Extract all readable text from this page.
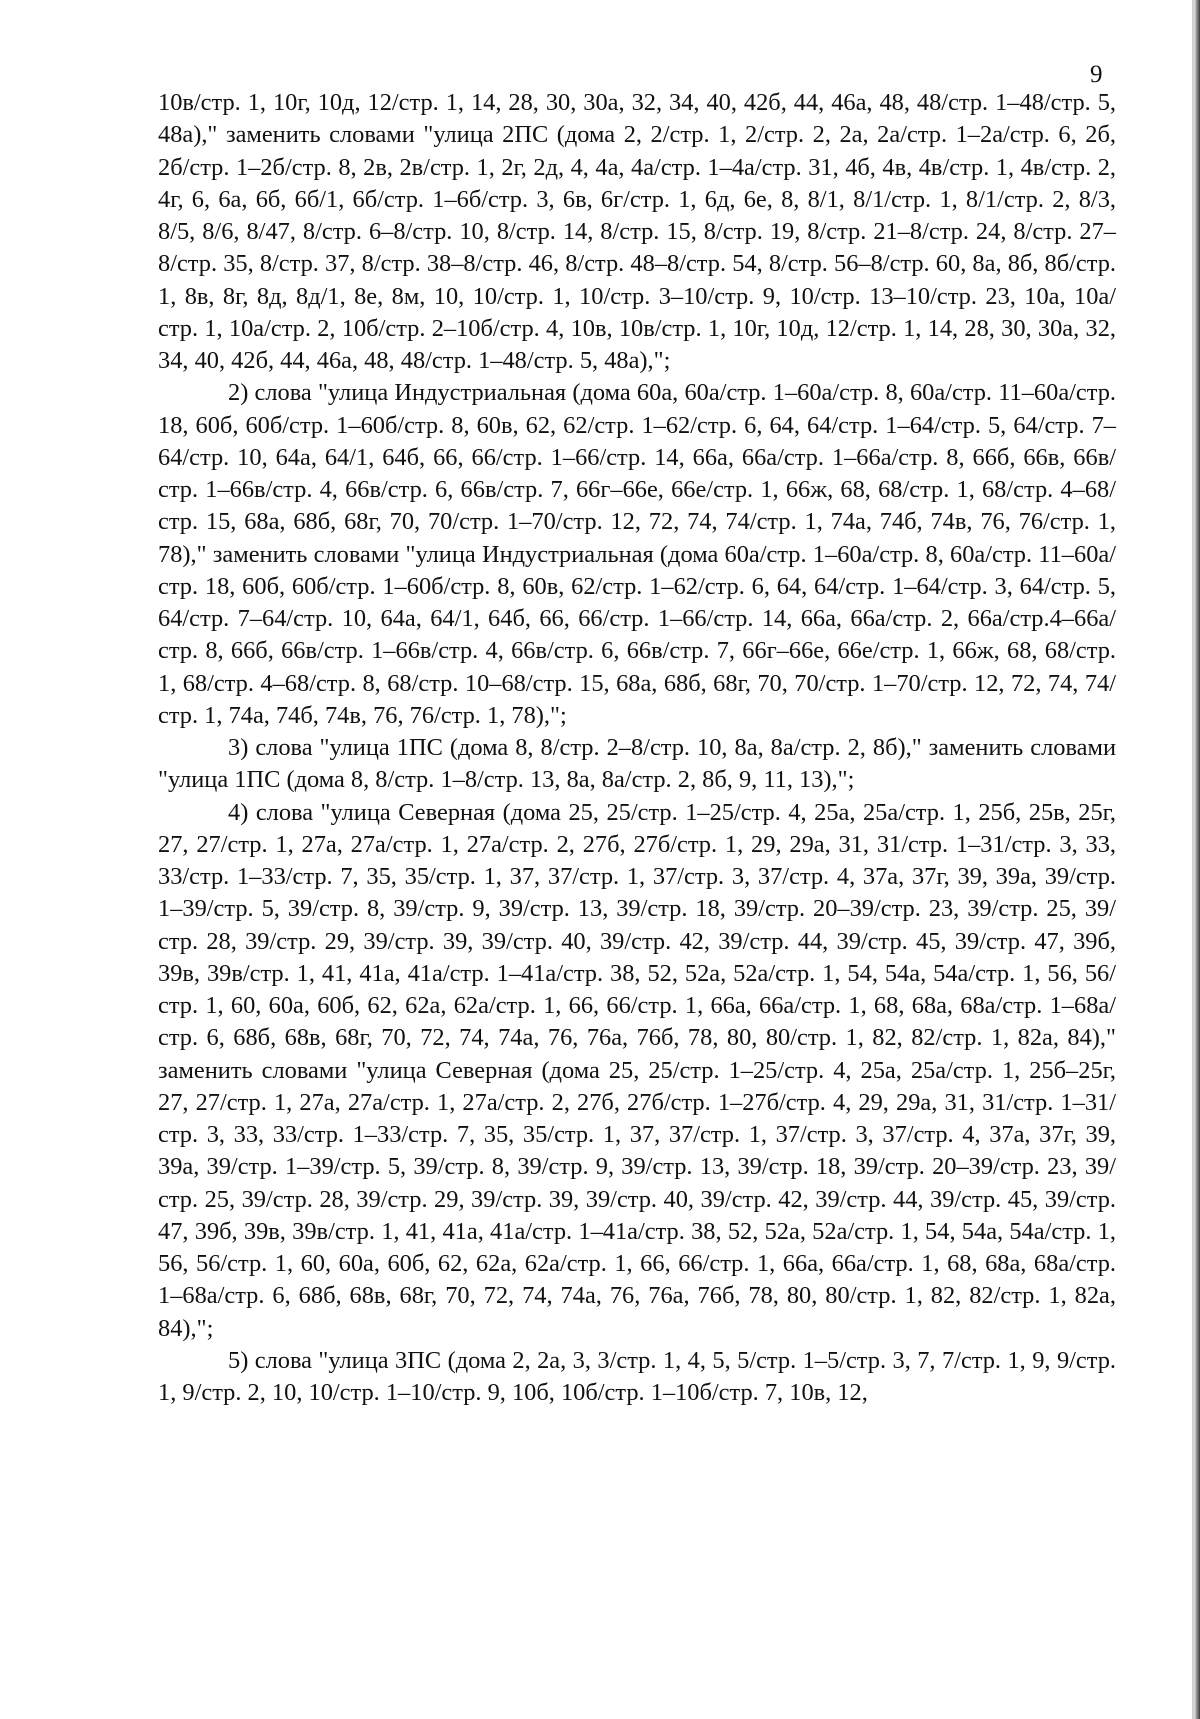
9

10в/стр. 1, 10г, 10д, 12/стр. 1, 14, 28, 30, 30а, 32, 34, 40, 42б, 44, 46а, 48, 48/стр. 1–48/стр. 5, 48а)," заменить словами "улица 2ПС (дома 2, 2/стр. 1, 2/стр. 2, 2а, 2а/стр. 1–2а/стр. 6, 2б, 2б/стр. 1–2б/стр. 8, 2в, 2в/стр. 1, 2г, 2д, 4, 4а, 4а/стр. 1–4а/стр. 31, 4б, 4в, 4в/стр. 1, 4в/стр. 2, 4г, 6, 6а, 6б, 6б/1, 6б/стр. 1–6б/стр. 3, 6в, 6г/стр. 1, 6д, 6е, 8, 8/1, 8/1/стр. 1, 8/1/стр. 2, 8/3, 8/5, 8/6, 8/47, 8/стр. 6–8/стр. 10, 8/стр. 14, 8/стр. 15, 8/стр. 19, 8/стр. 21–8/стр. 24, 8/стр. 27–8/стр. 35, 8/стр. 37, 8/стр. 38–8/стр. 46, 8/стр. 48–8/стр. 54, 8/стр. 56–8/стр. 60, 8а, 8б, 8б/стр. 1, 8в, 8г, 8д, 8д/1, 8е, 8м, 10, 10/стр. 1, 10/стр. 3–10/стр. 9, 10/стр. 13–10/стр. 23, 10а, 10а/стр. 1, 10а/стр. 2, 10б/стр. 2–10б/стр. 4, 10в, 10в/стр. 1, 10г, 10д, 12/стр. 1, 14, 28, 30, 30а, 32, 34, 40, 42б, 44, 46а, 48, 48/стр. 1–48/стр. 5, 48а),";

2) слова "улица Индустриальная (дома 60а, 60а/стр. 1–60а/стр. 8, 60а/стр. 11–60а/стр. 18, 60б, 60б/стр. 1–60б/стр. 8, 60в, 62, 62/стр. 1–62/стр. 6, 64, 64/стр. 1–64/стр. 5, 64/стр. 7–64/стр. 10, 64а, 64/1, 64б, 66, 66/стр. 1–66/стр. 14, 66а, 66а/стр. 1–66а/стр. 8, 66б, 66в, 66в/стр. 1–66в/стр. 4, 66в/стр. 6, 66в/стр. 7, 66г–66е, 66е/стр. 1, 66ж, 68, 68/стр. 1, 68/стр. 4–68/стр. 15, 68а, 68б, 68г, 70, 70/стр. 1–70/стр. 12, 72, 74, 74/стр. 1, 74а, 74б, 74в, 76, 76/стр. 1, 78)," заменить словами "улица Индустриальная (дома 60а/стр. 1–60а/стр. 8, 60а/стр. 11–60а/стр. 18, 60б, 60б/стр. 1–60б/стр. 8, 60в, 62/стр. 1–62/стр. 6, 64, 64/стр. 1–64/стр. 3, 64/стр. 5, 64/стр. 7–64/стр. 10, 64а, 64/1, 64б, 66, 66/стр. 1–66/стр. 14, 66а, 66а/стр. 2, 66а/стр.4–66а/стр. 8, 66б, 66в/стр. 1–66в/стр. 4, 66в/стр. 6, 66в/стр. 7, 66г–66е, 66е/стр. 1, 66ж, 68, 68/стр. 1, 68/стр. 4–68/стр. 8, 68/стр. 10–68/стр. 15, 68а, 68б, 68г, 70, 70/стр. 1–70/стр. 12, 72, 74, 74/стр. 1, 74а, 74б, 74в, 76, 76/стр. 1, 78),";

3) слова "улица 1ПС (дома 8, 8/стр. 2–8/стр. 10, 8а, 8а/стр. 2, 8б)," заменить словами "улица 1ПС (дома 8, 8/стр. 1–8/стр. 13, 8а, 8а/стр. 2, 8б, 9, 11, 13),";

4) слова "улица Северная (дома 25, 25/стр. 1–25/стр. 4, 25а, 25а/стр. 1, 25б, 25в, 25г, 27, 27/стр. 1, 27а, 27а/стр. 1, 27а/стр. 2, 27б, 27б/стр. 1, 29, 29а, 31, 31/стр. 1–31/стр. 3, 33, 33/стр. 1–33/стр. 7, 35, 35/стр. 1, 37, 37/стр. 1, 37/стр. 3, 37/стр. 4, 37а, 37г, 39, 39а, 39/стр. 1–39/стр. 5, 39/стр. 8, 39/стр. 9, 39/стр. 13, 39/стр. 18, 39/стр. 20–39/стр. 23, 39/стр. 25, 39/стр. 28, 39/стр. 29, 39/стр. 39, 39/стр. 40, 39/стр. 42, 39/стр. 44, 39/стр. 45, 39/стр. 47, 39б, 39в, 39в/стр. 1, 41, 41а, 41а/стр. 1–41а/стр. 38, 52, 52а, 52а/стр. 1, 54, 54а, 54а/стр. 1, 56, 56/стр. 1, 60, 60а, 60б, 62, 62а, 62а/стр. 1, 66, 66/стр. 1, 66а, 66а/стр. 1, 68, 68а, 68а/стр. 1–68а/стр. 6, 68б, 68в, 68г, 70, 72, 74, 74а, 76, 76а, 76б, 78, 80, 80/стр. 1, 82, 82/стр. 1, 82а, 84)," заменить словами "улица Северная (дома 25, 25/стр. 1–25/стр. 4, 25а, 25а/стр. 1, 25б–25г, 27, 27/стр. 1, 27а, 27а/стр. 1, 27а/стр. 2, 27б, 27б/стр. 1–27б/стр. 4, 29, 29а, 31, 31/стр. 1–31/стр. 3, 33, 33/стр. 1–33/стр. 7, 35, 35/стр. 1, 37, 37/стр. 1, 37/стр. 3, 37/стр. 4, 37а, 37г, 39, 39а, 39/стр. 1–39/стр. 5, 39/стр. 8, 39/стр. 9, 39/стр. 13, 39/стр. 18, 39/стр. 20–39/стр. 23, 39/стр. 25, 39/стр. 28, 39/стр. 29, 39/стр. 39, 39/стр. 40, 39/стр. 42, 39/стр. 44, 39/стр. 45, 39/стр. 47, 39б, 39в, 39в/стр. 1, 41, 41а, 41а/стр. 1–41а/стр. 38, 52, 52а, 52а/стр. 1, 54, 54а, 54а/стр. 1, 56, 56/стр. 1, 60, 60а, 60б, 62, 62а, 62а/стр. 1, 66, 66/стр. 1, 66а, 66а/стр. 1, 68, 68а, 68а/стр. 1–68а/стр. 6, 68б, 68в, 68г, 70, 72, 74, 74а, 76, 76а, 76б, 78, 80, 80/стр. 1, 82, 82/стр. 1, 82а, 84),";

5) слова "улица 3ПС (дома 2, 2а, 3, 3/стр. 1, 4, 5, 5/стр. 1–5/стр. 3, 7, 7/стр. 1, 9, 9/стр. 1, 9/стр. 2, 10, 10/стр. 1–10/стр. 9, 10б, 10б/стр. 1–10б/стр. 7, 10в, 12,
